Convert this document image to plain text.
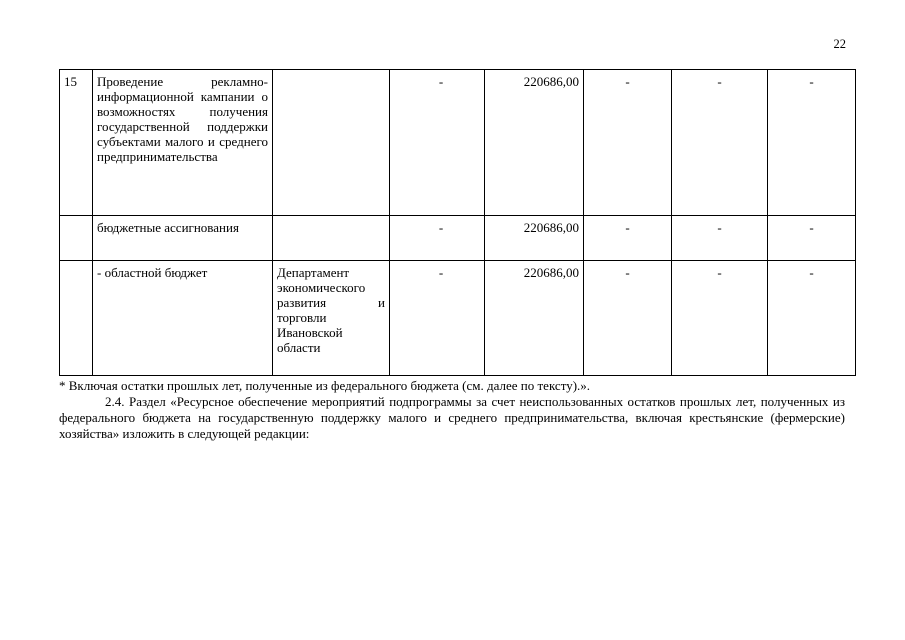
22
15	Проведение рекламно-информационной кампании о возможностях получения государственной поддержки субъектами малого и среднего предпринимательства		-	220686,00	-	-	-
	бюджетные ассигнования		-	220686,00	-	-	-
	- областной бюджет	Департамент экономического развития и торговли Ивановской области	-	220686,00	-	-	-
* Включая остатки прошлых лет, полученные из федерального бюджета (см. далее по тексту).».
2.4. Раздел «Ресурсное обеспечение мероприятий подпрограммы за счет неиспользованных остатков прошлых лет, полученных из федерального бюджета на государственную поддержку малого и среднего предпринимательства, включая крестьянские (фермерские) хозяйства» изложить в следующей редакции:
